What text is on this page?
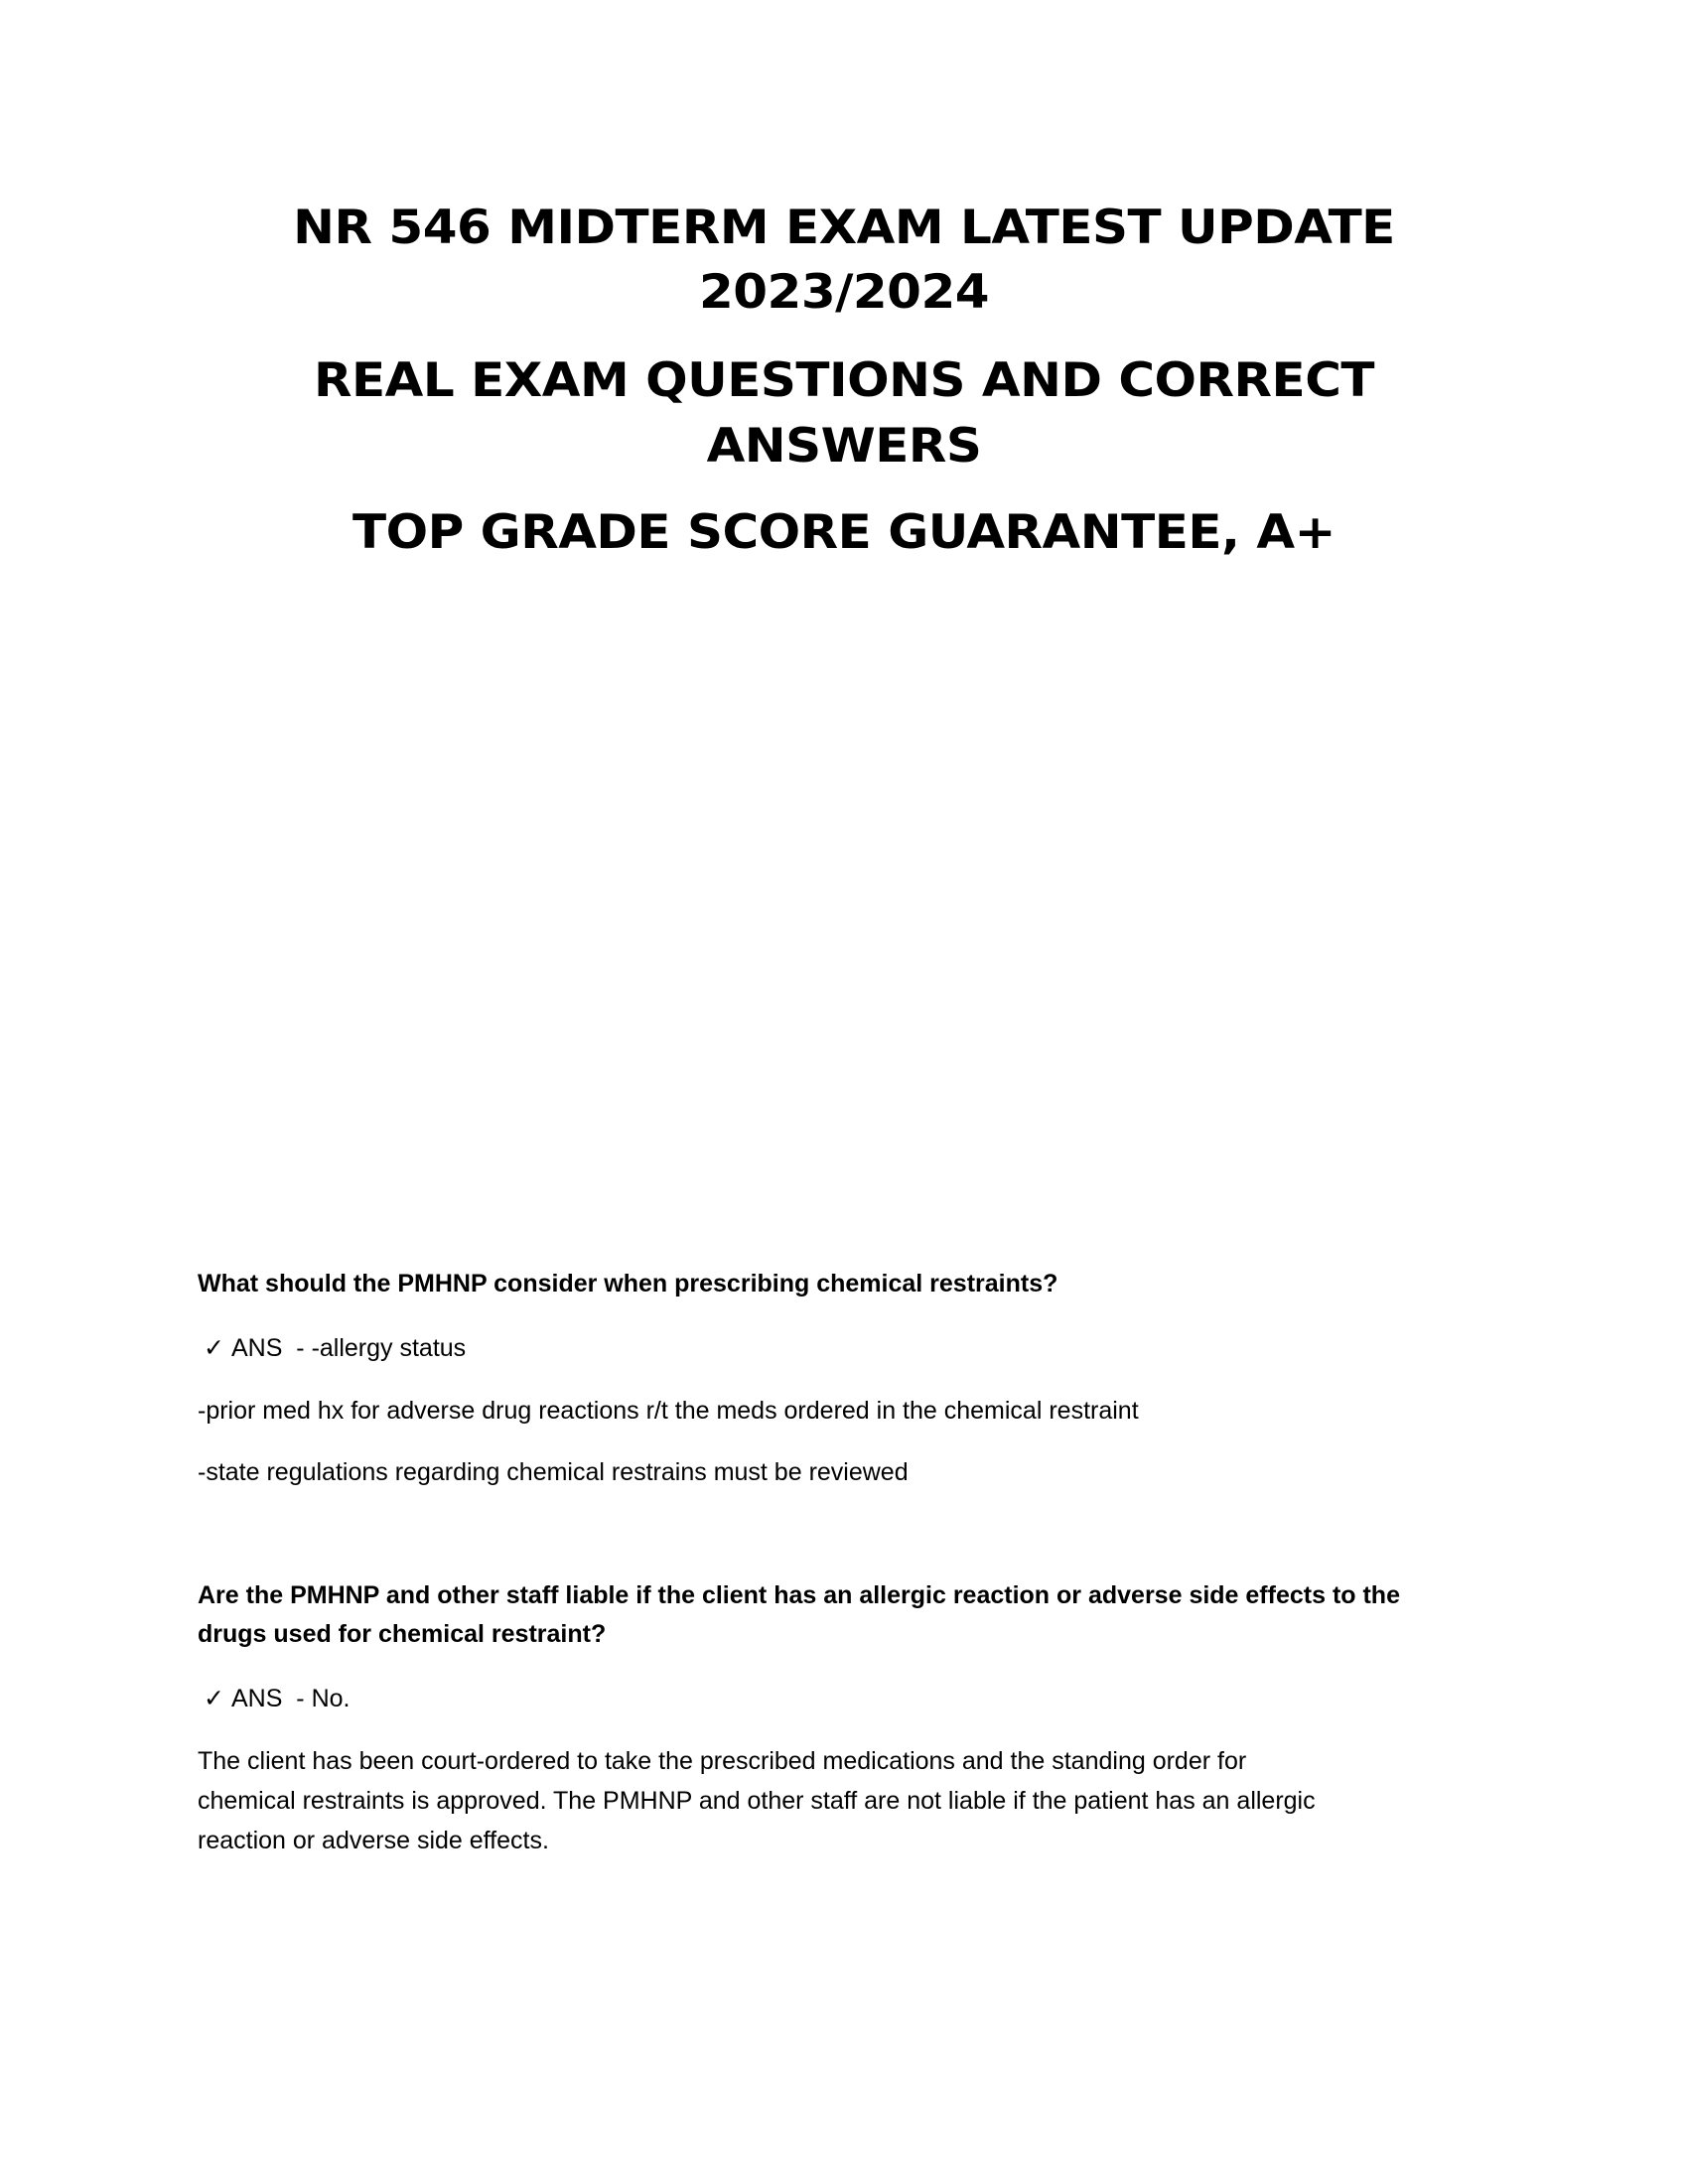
NR 546 MIDTERM EXAM LATEST UPDATE
2023/2024
REAL EXAM QUESTIONS AND CORRECT
ANSWERS
TOP GRADE SCORE GUARANTEE, A+
What should the PMHNP consider when prescribing chemical restraints?
✓ ANS  - -allergy status
-prior med hx for adverse drug reactions r/t the meds ordered in the chemical restraint
-state regulations regarding chemical restrains must be reviewed
Are the PMHNP and other staff liable if the client has an allergic reaction or adverse side effects to the
drugs used for chemical restraint?
✓ ANS  - No.
The client has been court-ordered to take the prescribed medications and the standing order for
chemical restraints is approved. The PMHNP and other staff are not liable if the patient has an allergic
reaction or adverse side effects.
